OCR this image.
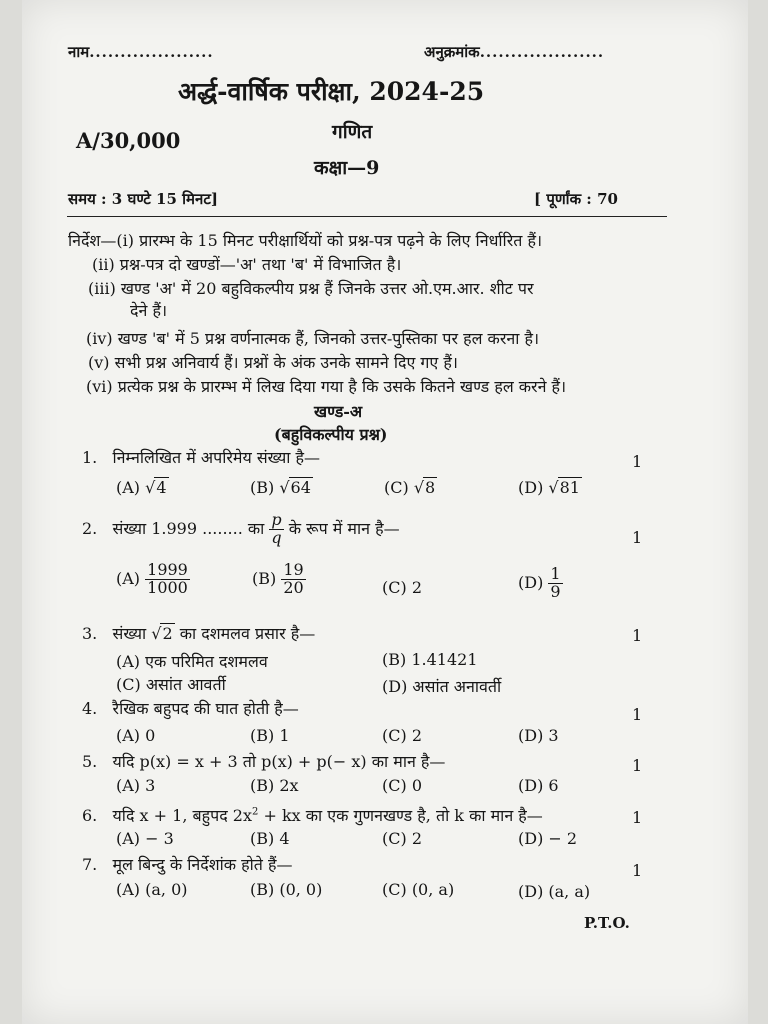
नाम....................	अनुक्रमांक....................
अर्द्ध-वार्षिक परीक्षा, 2024-25
A/30,000	गणित
कक्षा—9
समय : 3 घण्टे 15 मिनट]	[ पूर्णांक : 70
निर्देश—(i) प्रारम्भ के 15 मिनट परीक्षार्थियों को प्रश्न-पत्र पढ़ने के लिए निर्धारित हैं।
(ii) प्रश्न-पत्र दो खण्डों—'अ' तथा 'ब' में विभाजित है।
(iii) खण्ड 'अ' में 20 बहुविकल्पीय प्रश्न हैं जिनके उत्तर ओ.एम.आर. शीट पर
देने हैं।
(iv) खण्ड 'ब' में 5 प्रश्न वर्णनात्मक हैं, जिनको उत्तर-पुस्तिका पर हल करना है।
(v) सभी प्रश्न अनिवार्य हैं। प्रश्नों के अंक उनके सामने दिए गए हैं।
(vi) प्रत्येक प्रश्न के प्रारम्भ में लिख दिया गया है कि उसके कितने खण्ड हल करने हैं।
खण्ड-अ
(बहुविकल्पीय प्रश्न)
1. निम्नलिखित में अपरिमेय संख्या है—	1
(A) √4	(B) √64	(C) √8	(D) √81
2. संख्या 1.999 ........ का $\frac{p}{q}$ के रूप में मान है—	1
$(A) \frac{1999}{1000}$	$(B) \frac{19}{20}$	(C) 2	$(D) \frac{1}{9}$
3. संख्या √2 का दशमलव प्रसार है—	1
(A) एक परिमित दशमलव	(B) 1.41421
(C) असांत आवर्ती	(D) असांत अनावर्ती
4. रैखिक बहुपद की घात होती है—	1
(A) 0	(B) 1	(C) 2	(D) 3
5. यदि p(x) = x + 3 तो p(x) + p(− x) का मान है—	1
(A) 3	(B) 2x	(C) 0	(D) 6
6. यदि x + 1, बहुपद $2x^2$ + kx का एक गुणनखण्ड है, तो k का मान है—	1
(A) − 3	(B) 4	(C) 2	(D) − 2
7. मूल बिन्दु के निर्देशांक होते हैं—	1
(A) (a, 0)	(B) (0, 0)	(C) (0, a)	(D) (a, a)
P.T.O.
